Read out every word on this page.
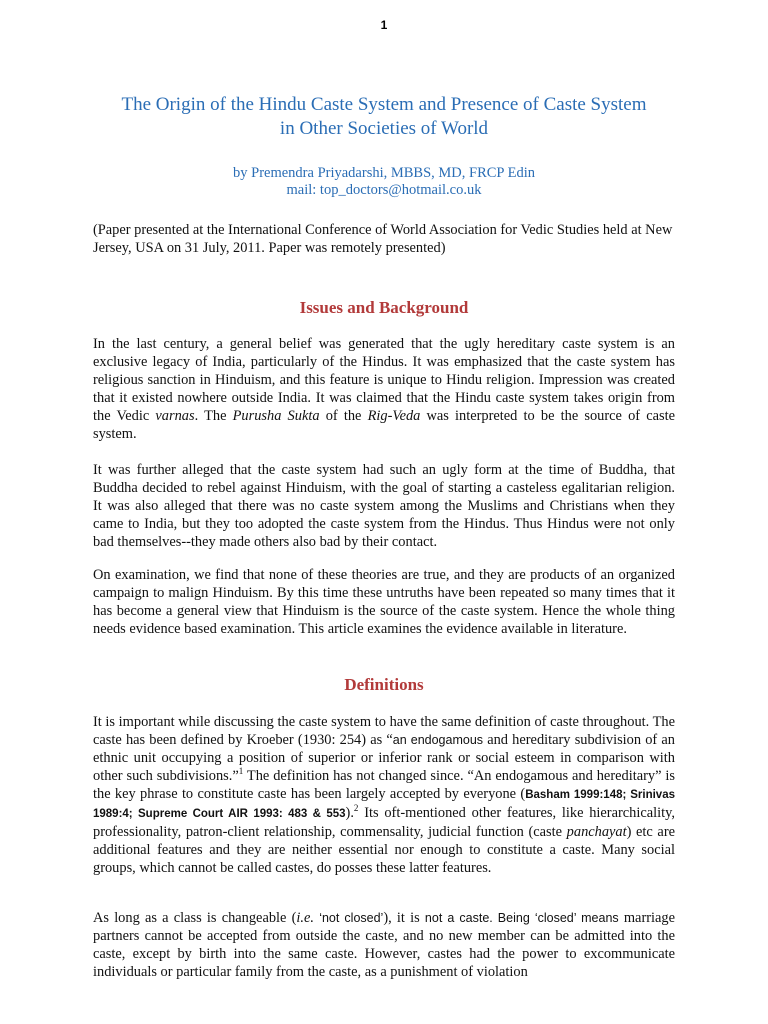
1
The Origin of the Hindu Caste System and Presence of Caste System
in Other Societies of World
by Premendra Priyadarshi, MBBS, MD, FRCP Edin
mail: top_doctors@hotmail.co.uk

(Paper presented at the International Conference of World Association for Vedic Studies held at New Jersey, USA on 31 July, 2011. Paper was remotely presented)

Issues and Background

In the last century, a general belief was generated that the ugly hereditary caste system is an exclusive legacy of India, particularly of the Hindus. It was emphasized that the caste system has religious sanction in Hinduism, and this feature is unique to Hindu religion. Impression was created that it existed nowhere outside India. It was claimed that the Hindu caste system takes origin from the Vedic varnas. The Purusha Sukta of the Rig-Veda was interpreted to be the source of caste system.

It was further alleged that the caste system had such an ugly form at the time of Buddha, that Buddha decided to rebel against Hinduism, with the goal of starting a casteless egalitarian religion. It was also alleged that there was no caste system among the Muslims and Christians when they came to India, but they too adopted the caste system from the Hindus. Thus Hindus were not only bad themselves--they made others also bad by their contact.

On examination, we find that none of these theories are true, and they are products of an organized campaign to malign Hinduism. By this time these untruths have been repeated so many times that it has become a general view that Hinduism is the source of the caste system. Hence the whole thing needs evidence based examination. This article examines the evidence available in literature.

Definitions

It is important while discussing the caste system to have the same definition of caste throughout. The caste has been defined by Kroeber (1930: 254) as “an endogamous and hereditary subdivision of an ethnic unit occupying a position of superior or inferior rank or social esteem in comparison with other such subdivisions.”$^1$ The definition has not changed since. “An endogamous and hereditary” is the key phrase to constitute caste has been largely accepted by everyone (Basham 1999:148; Srinivas 1989:4; Supreme Court AIR 1993: 483 & 553).$^2$ Its oft-mentioned other features, like hierarchicality, professionality, patron-client relationship, commensality, judicial function (caste panchayat) etc are additional features and they are neither essential nor enough to constitute a caste. Many social groups, which cannot be called castes, do posses these latter features.

As long as a class is changeable (i.e. ‘not closed’), it is not a caste. Being ‘closed’ means marriage partners cannot be accepted from outside the caste, and no new member can be admitted into the caste, except by birth into the same caste. However, castes had the power to excommunicate individuals or particular family from the caste, as a punishment of violation
